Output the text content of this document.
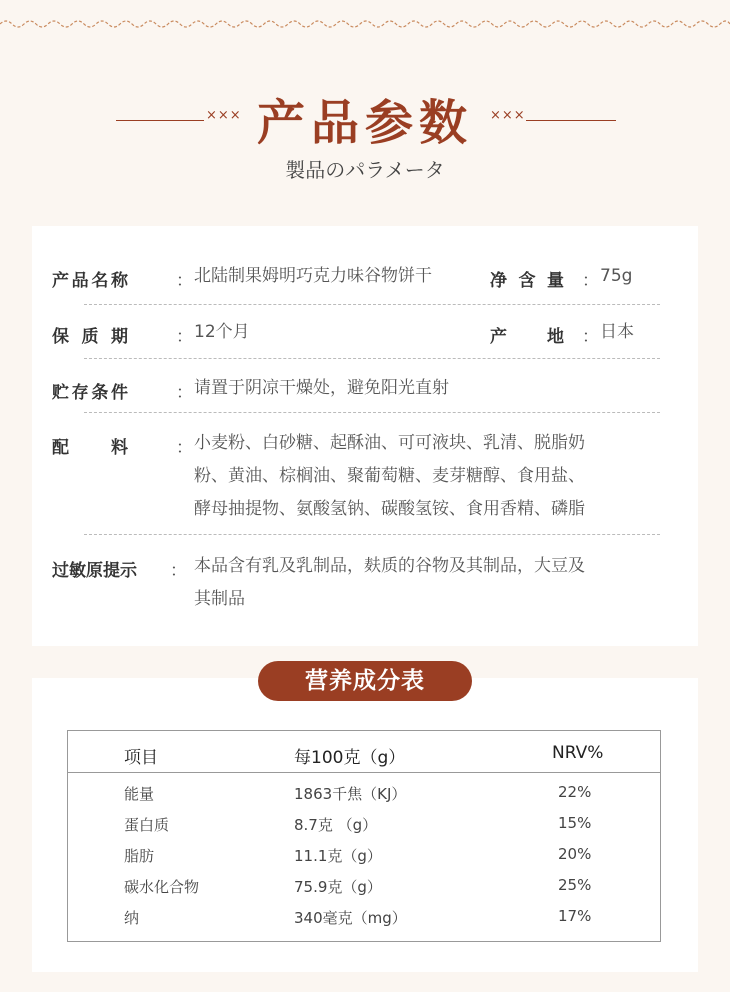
××× 产品参数	×××
製品のパラメータ
产品名称	： 北陆制果姆明巧克力味谷物饼干	净含量 ： 75g
保质期	： 12个月	产地 ： 日本
贮存条件	： 请置于阴凉干燥处，避免阳光直射
配料	： 小麦粉、白砂糖、起酥油、可可液块、乳清、脱脂奶
粉、黄油、棕榈油、聚葡萄糖、麦芽糖醇、食用盐、
酵母抽提物、氨酸氢钠、碳酸氢铵、食用香精、磷脂
过敏原提示	： 本品含有乳及乳制品，麸质的谷物及其制品，大豆及
其制品
营养成分表
项目	每100克（g）	NRV%
能量	1863千焦（KJ）	22%
蛋白质	8.7克 （g）	15%
脂肪	11.1克（g）	20%
碳水化合物	75.9克（g）	25%
纳	340毫克（mg）	17%
